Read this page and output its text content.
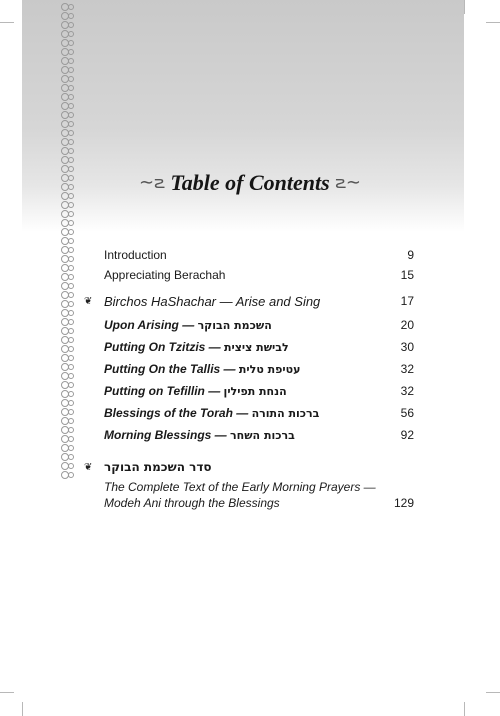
∼౽ Table of Contents ౽∼
Introduction	9
Appreciating Berachah	15
❦ Birchos HaShachar — Arise and Sing	17
Upon Arising — השכמת הבוקר	20
Putting On Tzitzis — לבישת ציצית	30
Putting On the Tallis — עטיפת טלית	32
Putting on Tefillin — הנחת תפילין	32
Blessings of the Torah — ברכות התורה	56
Morning Blessings — ברכות השחר	92
❦ סדר השכמת הבוקר
The Complete Text of the Early Morning Prayers —
Modeh Ani through the Blessings	129
